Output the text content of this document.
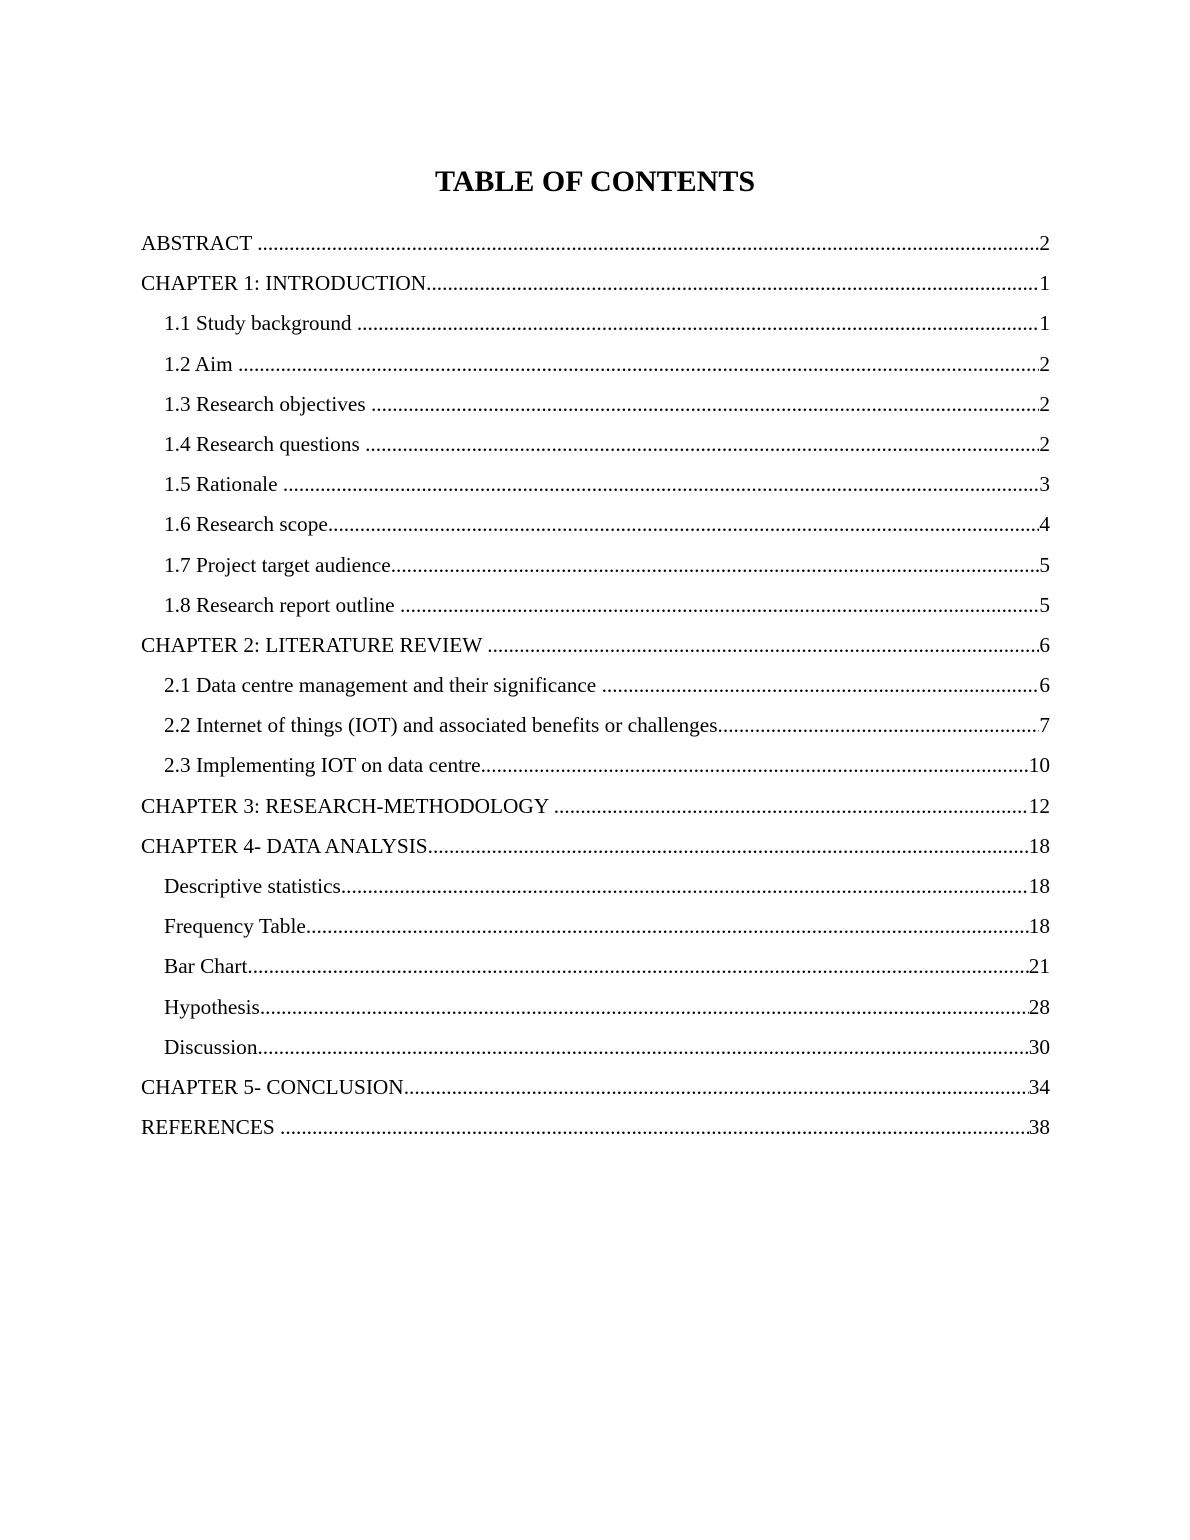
TABLE OF CONTENTS
ABSTRACT .....	2
CHAPTER 1: INTRODUCTION .....	1
1.1 Study background .....	1
1.2 Aim .....	2
1.3 Research objectives .....	2
1.4 Research questions .....	2
1.5 Rationale .....	3
1.6 Research scope .....	4
1.7 Project target audience .....	5
1.8 Research report outline .....	5
CHAPTER 2: LITERATURE REVIEW .....	6
2.1 Data centre management and their significance .....	6
2.2 Internet of things (IOT) and associated benefits or challenges .....	7
2.3 Implementing IOT on data centre .....	10
CHAPTER 3: RESEARCH-METHODOLOGY .....	12
CHAPTER 4- DATA ANALYSIS .....	18
Descriptive statistics .....	18
Frequency Table .....	18
Bar Chart .....	21
Hypothesis .....	28
Discussion .....	30
CHAPTER 5- CONCLUSION .....	34
REFERENCES .....	38
